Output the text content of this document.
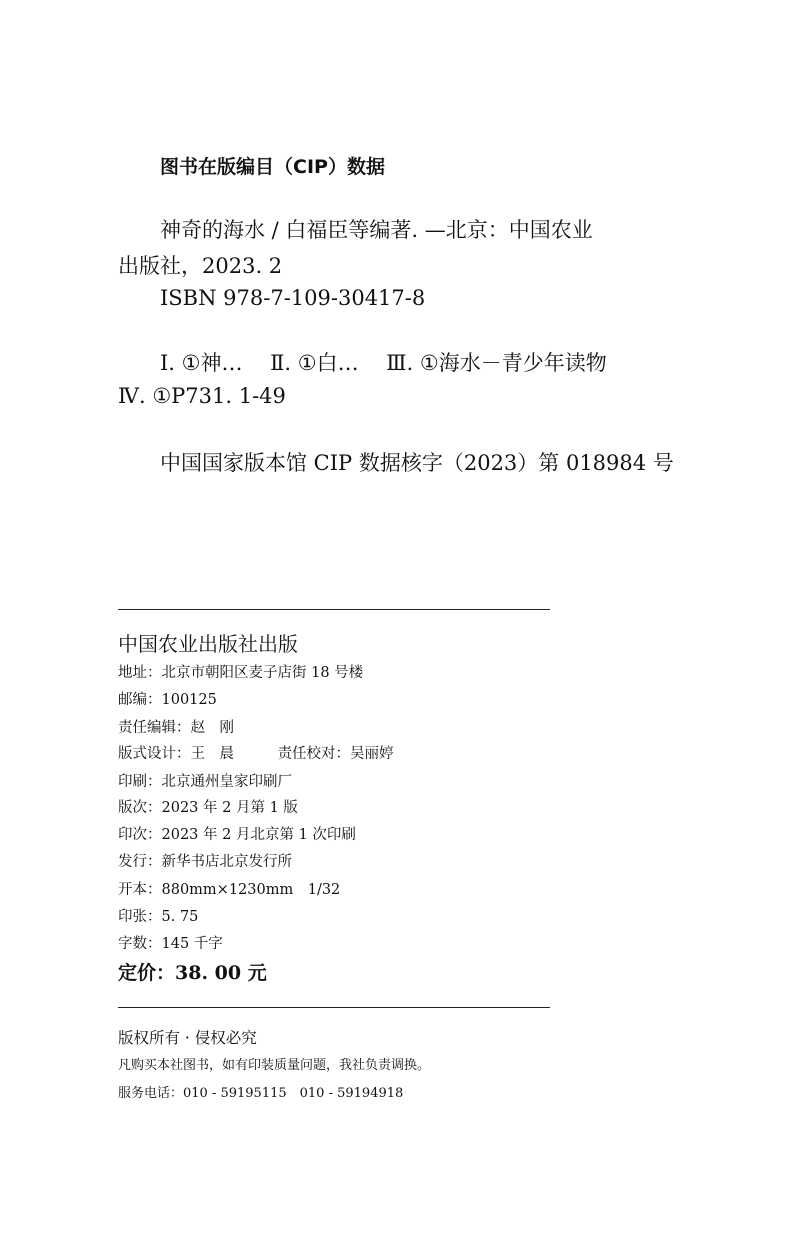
图书在版编目（CIP）数据
神奇的海水 / 白福臣等编著. —北京：中国农业
出版社，2023. 2
ISBN 978-7-109-30417-8
Ⅰ. ①神…　 Ⅱ. ①白…　 Ⅲ. ①海水－青少年读物
Ⅳ. ①P731. 1-49
中国国家版本馆 CIP 数据核字（2023）第 018984 号
中国农业出版社出版
地址：北京市朝阳区麦子店街 18 号楼
邮编：100125
责任编辑：赵　刚
版式设计：王　晨　　　责任校对：吴丽婷
印刷：北京通州皇家印刷厂
版次：2023 年 2 月第 1 版
印次：2023 年 2 月北京第 1 次印刷
发行：新华书店北京发行所
开本：880mm×1230mm　1/32
印张：5. 75
字数：145 千字
定价：38. 00 元
版权所有 · 侵权必究
凡购买本社图书，如有印装质量问题，我社负责调换。
服务电话：010 - 59195115　010 - 59194918
